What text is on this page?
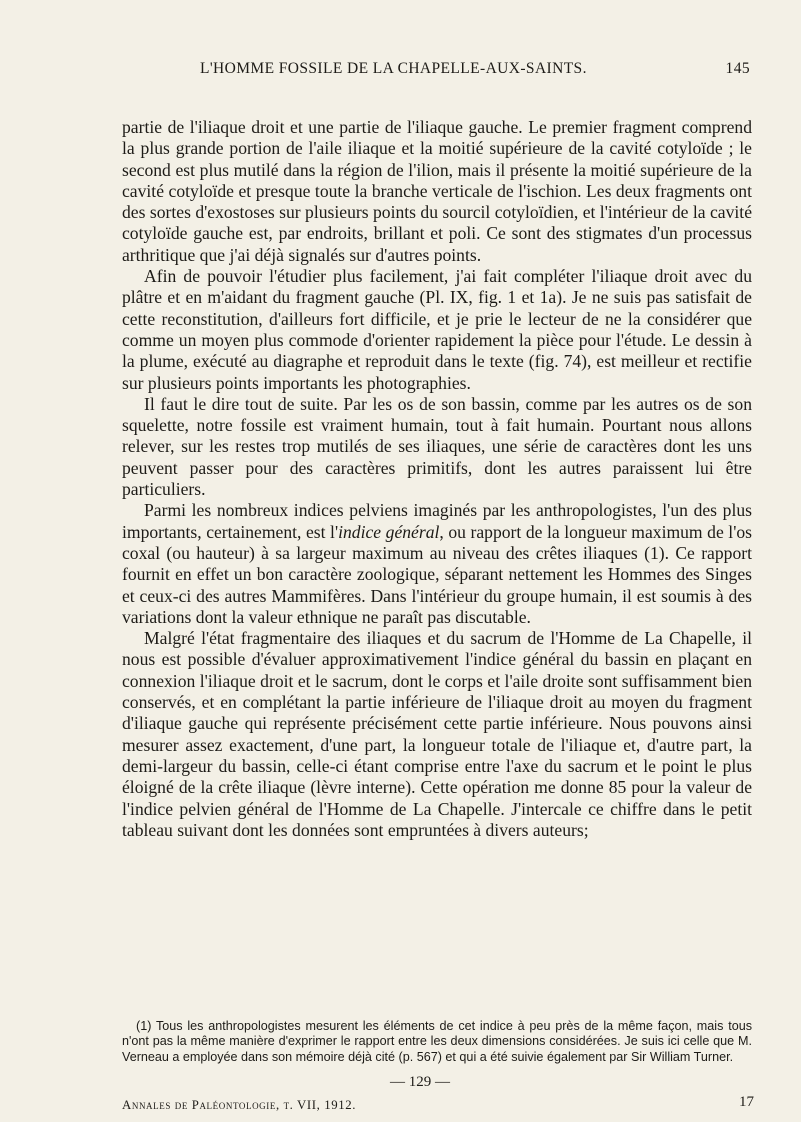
L'HOMME FOSSILE DE LA CHAPELLE-AUX-SAINTS.	145

partie de l'iliaque droit et une partie de l'iliaque gauche. Le premier fragment comprend la plus grande portion de l'aile iliaque et la moitié supérieure de la cavité cotyloïde ; le second est plus mutilé dans la région de l'ilion, mais il présente la moitié supérieure de la cavité cotyloïde et presque toute la branche verticale de l'ischion. Les deux fragments ont des sortes d'exostoses sur plusieurs points du sourcil cotyloïdien, et l'intérieur de la cavité cotyloïde gauche est, par endroits, brillant et poli. Ce sont des stigmates d'un processus arthritique que j'ai déjà signalés sur d'autres points.

Afin de pouvoir l'étudier plus facilement, j'ai fait compléter l'iliaque droit avec du plâtre et en m'aidant du fragment gauche (Pl. IX, fig. 1 et 1a). Je ne suis pas satisfait de cette reconstitution, d'ailleurs fort difficile, et je prie le lecteur de ne la considérer que comme un moyen plus commode d'orienter rapidement la pièce pour l'étude. Le dessin à la plume, exécuté au diagraphe et reproduit dans le texte (fig. 74), est meilleur et rectifie sur plusieurs points importants les photographies.

Il faut le dire tout de suite. Par les os de son bassin, comme par les autres os de son squelette, notre fossile est vraiment humain, tout à fait humain. Pourtant nous allons relever, sur les restes trop mutilés de ses iliaques, une série de caractères dont les uns peuvent passer pour des caractères primitifs, dont les autres paraissent lui être particuliers.

Parmi les nombreux indices pelviens imaginés par les anthropologistes, l'un des plus importants, certainement, est l'indice général, ou rapport de la longueur maximum de l'os coxal (ou hauteur) à sa largeur maximum au niveau des crêtes iliaques (1). Ce rapport fournit en effet un bon caractère zoologique, séparant nettement les Hommes des Singes et ceux-ci des autres Mammifères. Dans l'intérieur du groupe humain, il est soumis à des variations dont la valeur ethnique ne paraît pas discutable.

Malgré l'état fragmentaire des iliaques et du sacrum de l'Homme de La Chapelle, il nous est possible d'évaluer approximativement l'indice général du bassin en plaçant en connexion l'iliaque droit et le sacrum, dont le corps et l'aile droite sont suffisamment bien conservés, et en complétant la partie inférieure de l'iliaque droit au moyen du fragment d'iliaque gauche qui représente précisément cette partie inférieure. Nous pouvons ainsi mesurer assez exactement, d'une part, la longueur totale de l'iliaque et, d'autre part, la demi-largeur du bassin, celle-ci étant comprise entre l'axe du sacrum et le point le plus éloigné de la crête iliaque (lèvre interne). Cette opération me donne 85 pour la valeur de l'indice pelvien général de l'Homme de La Chapelle. J'intercale ce chiffre dans le petit tableau suivant dont les données sont empruntées à divers auteurs;

(1) Tous les anthropologistes mesurent les éléments de cet indice à peu près de la même façon, mais tous n'ont pas la même manière d'exprimer le rapport entre les deux dimensions considérées. Je suis ici celle que M. Verneau a employée dans son mémoire déjà cité (p. 567) et qui a été suivie également par Sir William Turner.

— 129 —
Annales de Paléontologie, t. VII, 1912.	17
